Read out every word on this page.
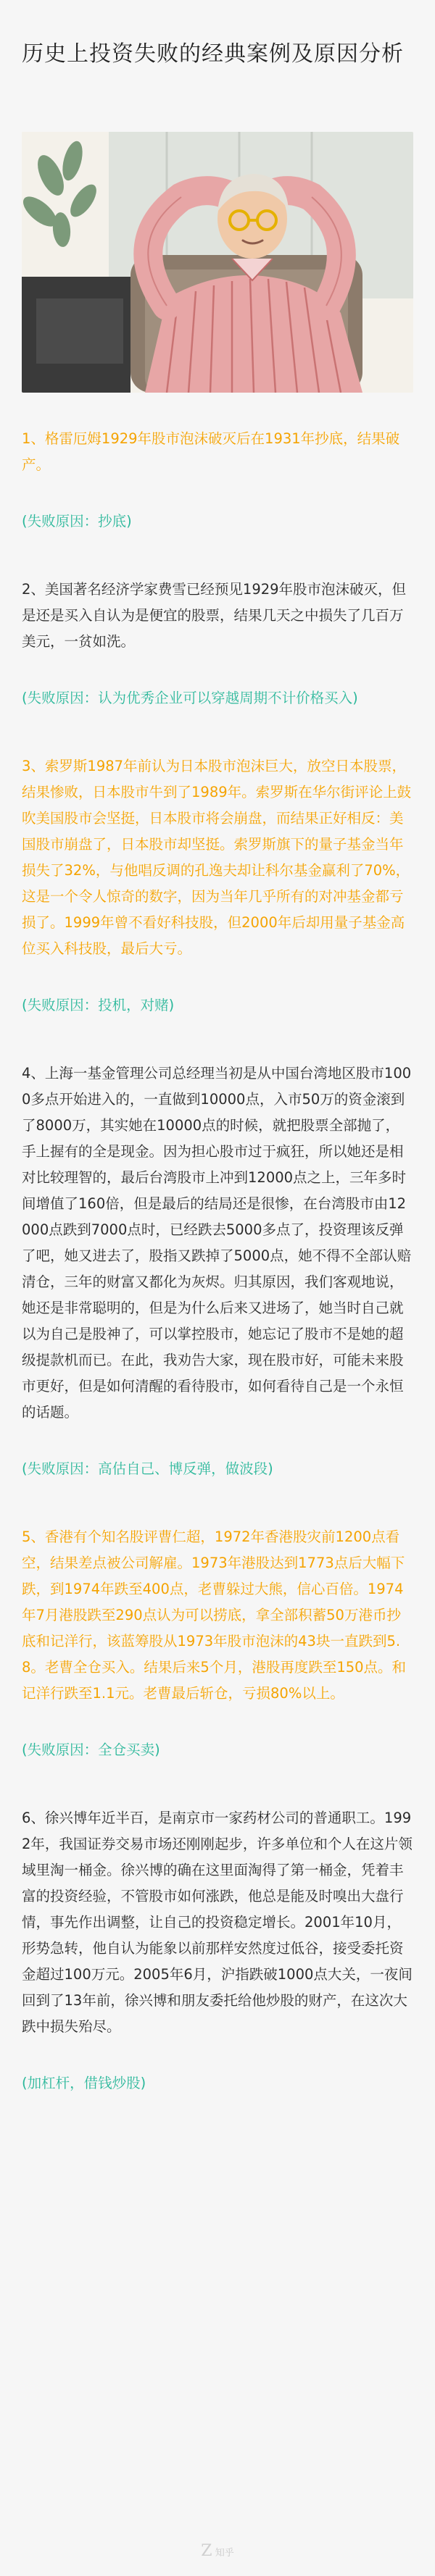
历史上投资失败的经典案例及原因分析

1、格雷厄姆1929年股市泡沫破灭后在1931年抄底，结果破产。

(失败原因：抄底)

2、美国著名经济学家费雪已经预见1929年股市泡沫破灭，但是还是买入自认为是便宜的股票，结果几天之中损失了几百万美元，一贫如洗。

(失败原因：认为优秀企业可以穿越周期不计价格买入)

3、索罗斯1987年前认为日本股市泡沫巨大，放空日本股票，结果惨败，日本股市牛到了1989年。索罗斯在华尔街评论上鼓吹美国股市会坚挺，日本股市将会崩盘，而结果正好相反：美国股市崩盘了，日本股市却坚挺。索罗斯旗下的量子基金当年损失了32%，与他唱反调的孔逸夫却让科尔基金赢利了70%，这是一个令人惊奇的数字，因为当年几乎所有的对冲基金都亏损了。1999年曾不看好科技股，但2000年后却用量子基金高位买入科技股，最后大亏。

(失败原因：投机，对赌)

4、上海一基金管理公司总经理当初是从中国台湾地区股市1000多点开始进入的，一直做到10000点，入市50万的资金滚到了8000万，其实她在10000点的时候，就把股票全部抛了，手上握有的全是现金。因为担心股市过于疯狂，所以她还是相对比较理智的，最后台湾股市上冲到12000点之上，三年多时间增值了160倍，但是最后的结局还是很惨，在台湾股市由12000点跌到7000点时，已经跌去5000多点了，投资理该反弹了吧，她又进去了，股指又跌掉了5000点，她不得不全部认赔清仓，三年的财富又都化为灰烬。归其原因，我们客观地说，她还是非常聪明的，但是为什么后来又进场了，她当时自己就以为自己是股神了，可以掌控股市，她忘记了股市不是她的超级提款机而已。在此，我劝告大家，现在股市好，可能未来股市更好，但是如何清醒的看待股市，如何看待自己是一个永恒的话题。

(失败原因：高估自己、博反弹，做波段)

5、香港有个知名股评曹仁超，1972年香港股灾前1200点看空，结果差点被公司解雇。1973年港股达到1773点后大幅下跌，到1974年跌至400点，老曹躲过大熊，信心百倍。1974年7月港股跌至290点认为可以捞底，拿全部积蓄50万港币抄底和记洋行，该蓝筹股从1973年股市泡沫的43块一直跌到5.8。老曹全仓买入。结果后来5个月，港股再度跌至150点。和记洋行跌至1.1元。老曹最后斩仓，亏损80%以上。

(失败原因：全仓买卖)

6、徐兴博年近半百，是南京市一家药材公司的普通职工。1992年，我国证券交易市场还刚刚起步，许多单位和个人在这片领域里淘一桶金。徐兴博的确在这里面淘得了第一桶金，凭着丰富的投资经验，不管股市如何涨跌，他总是能及时嗅出大盘行情，事先作出调整，让自己的投资稳定增长。2001年10月，形势急转，他自认为能象以前那样安然度过低谷，接受委托资金超过100万元。2005年6月，沪指跌破1000点大关，一夜间回到了13年前，徐兴博和朋友委托给他炒股的财产，在这次大跌中损失殆尽。

(加杠杆，借钱炒股)

Z 知乎
